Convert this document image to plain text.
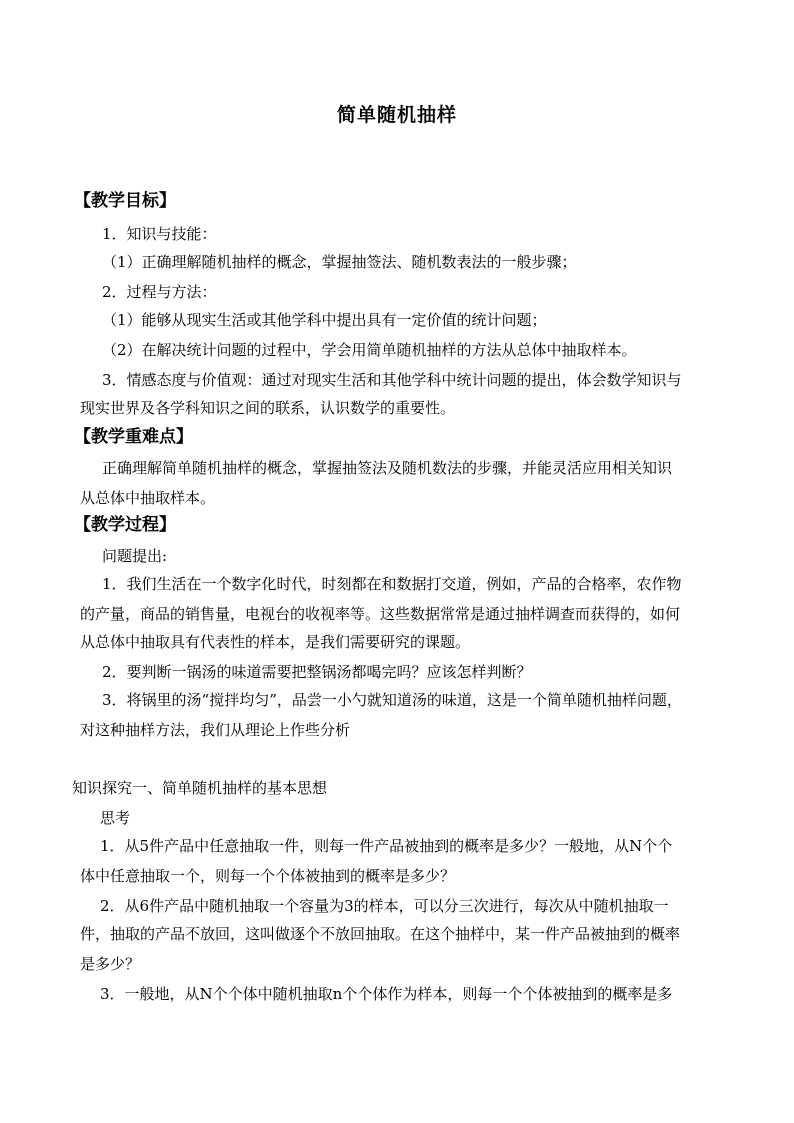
简单随机抽样
【教学目标】
1．知识与技能：
（1）正确理解随机抽样的概念，掌握抽签法、随机数表法的一般步骤；
2．过程与方法：
（1）能够从现实生活或其他学科中提出具有一定价值的统计问题；
（2）在解决统计问题的过程中，学会用简单随机抽样的方法从总体中抽取样本。
3．情感态度与价值观：通过对现实生活和其他学科中统计问题的提出，体会数学知识与
现实世界及各学科知识之间的联系，认识数学的重要性。
【教学重难点】
正确理解简单随机抽样的概念，掌握抽签法及随机数法的步骤，并能灵活应用相关知识
从总体中抽取样本。
【教学过程】
问题提出:
1．我们生活在一个数字化时代，时刻都在和数据打交道，例如，产品的合格率，农作物
的产量，商品的销售量，电视台的收视率等。这些数据常常是通过抽样调查而获得的，如何
从总体中抽取具有代表性的样本，是我们需要研究的课题。
2．要判断一锅汤的味道需要把整锅汤都喝完吗？应该怎样判断？
3．将锅里的汤“搅拌均匀”，品尝一小勺就知道汤的味道，这是一个简单随机抽样问题，
对这种抽样方法，我们从理论上作些分析
知识探究一、简单随机抽样的基本思想
思考
1．从5件产品中任意抽取一件，则每一件产品被抽到的概率是多少？一般地，从N个个
体中任意抽取一个，则每一个个体被抽到的概率是多少？
2．从6件产品中随机抽取一个容量为3的样本，可以分三次进行，每次从中随机抽取一
件，抽取的产品不放回，这叫做逐个不放回抽取。在这个抽样中，某一件产品被抽到的概率
是多少？
3．一般地，从N个个体中随机抽取n个个体作为样本，则每一个个体被抽到的概率是多
